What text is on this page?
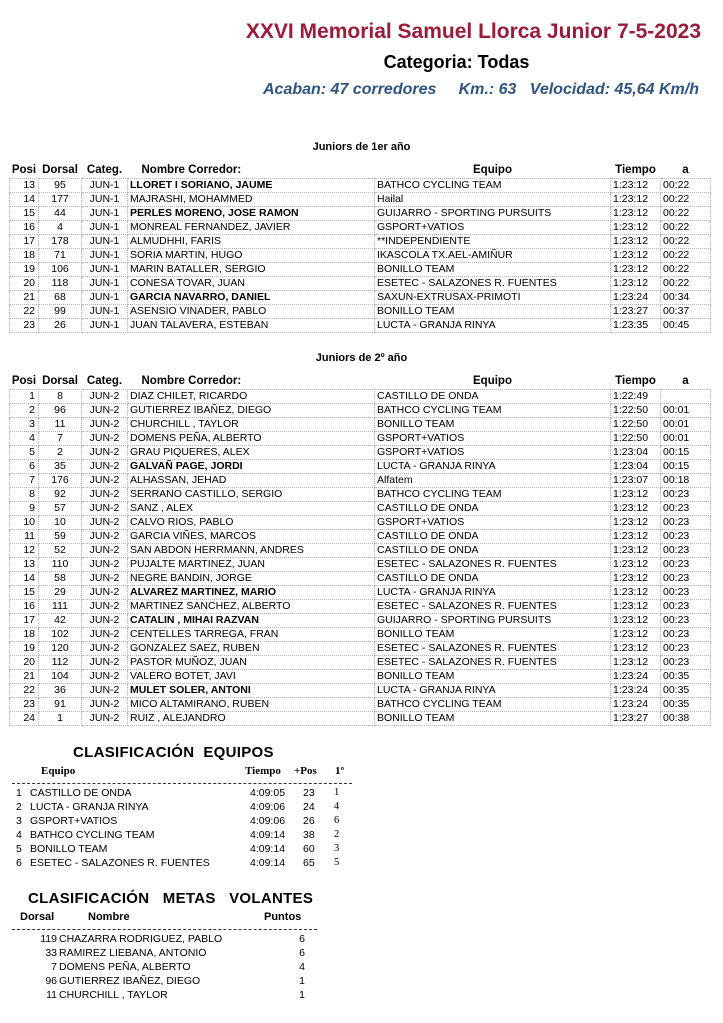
XXVI Memorial Samuel Llorca Junior 7-5-2023
Categoria: Todas
Acaban: 47 corredores     Km.: 63   Velocidad: 45,64 Km/h
Juniors de 1er año
Posi	Dorsal	Categ.	Nombre Corredor:	Equipo	Tiempo	a
13	95	JUN-1	LLORET I SORIANO, JAUME	BATHCO CYCLING TEAM	1:23:12	00:22
14	177	JUN-1	MAJRASHI, MOHAMMED	Hailal	1:23:12	00:22
15	44	JUN-1	PERLES MORENO, JOSE RAMON	GUIJARRO - SPORTING PURSUITS	1:23:12	00:22
16	4	JUN-1	MONREAL FERNANDEZ, JAVIER	GSPORT+VATIOS	1:23:12	00:22
17	178	JUN-1	ALMUDHHI, FARIS	**INDEPENDIENTE	1:23:12	00:22
18	71	JUN-1	SORIA MARTIN, HUGO	IKASCOLA TX.AEL-AMIÑUR	1:23:12	00:22
19	106	JUN-1	MARIN BATALLER, SERGIO	BONILLO TEAM	1:23:12	00:22
20	118	JUN-1	CONESA TOVAR, JUAN	ESETEC - SALAZONES R. FUENTES	1:23:12	00:22
21	68	JUN-1	GARCIA NAVARRO, DANIEL	SAXUN-EXTRUSAX-PRIMOTI	1:23:24	00:34
22	99	JUN-1	ASENSIO VINADER, PABLO	BONILLO TEAM	1:23:27	00:37
23	26	JUN-1	JUAN TALAVERA, ESTEBAN	LUCTA - GRANJA RINYA	1:23:35	00:45
Juniors de 2º año
Posi	Dorsal	Categ.	Nombre Corredor:	Equipo	Tiempo	a
1	8	JUN-2	DIAZ CHILET, RICARDO	CASTILLO DE ONDA	1:22:49	
2	96	JUN-2	GUTIERREZ IBAÑEZ, DIEGO	BATHCO CYCLING TEAM	1:22:50	00:01
3	11	JUN-2	CHURCHILL , TAYLOR	BONILLO TEAM	1:22:50	00:01
4	7	JUN-2	DOMENS PEÑA, ALBERTO	GSPORT+VATIOS	1:22:50	00:01
5	2	JUN-2	GRAU PIQUERES, ALEX	GSPORT+VATIOS	1:23:04	00:15
6	35	JUN-2	GALVAÑ PAGE, JORDI	LUCTA - GRANJA RINYA	1:23:04	00:15
7	176	JUN-2	ALHASSAN, JEHAD	Alfatem	1:23:07	00:18
8	92	JUN-2	SERRANO CASTILLO, SERGIO	BATHCO CYCLING TEAM	1:23:12	00:23
9	57	JUN-2	SANZ , ALEX	CASTILLO DE ONDA	1:23:12	00:23
10	10	JUN-2	CALVO RIOS, PABLO	GSPORT+VATIOS	1:23:12	00:23
11	59	JUN-2	GARCIA VIÑES, MARCOS	CASTILLO DE ONDA	1:23:12	00:23
12	52	JUN-2	SAN ABDON HERRMANN, ANDRES	CASTILLO DE ONDA	1:23:12	00:23
13	110	JUN-2	PUJALTE MARTINEZ, JUAN	ESETEC - SALAZONES R. FUENTES	1:23:12	00:23
14	58	JUN-2	NEGRE BANDIN, JORGE	CASTILLO DE ONDA	1:23:12	00:23
15	29	JUN-2	ALVAREZ MARTINEZ, MARIO	LUCTA - GRANJA RINYA	1:23:12	00:23
16	111	JUN-2	MARTINEZ SANCHEZ, ALBERTO	ESETEC - SALAZONES R. FUENTES	1:23:12	00:23
17	42	JUN-2	CATALIN , MIHAI RAZVAN	GUIJARRO - SPORTING PURSUITS	1:23:12	00:23
18	102	JUN-2	CENTELLES TARREGA, FRAN	BONILLO TEAM	1:23:12	00:23
19	120	JUN-2	GONZALEZ SAEZ, RUBEN	ESETEC - SALAZONES R. FUENTES	1:23:12	00:23
20	112	JUN-2	PASTOR MUÑOZ, JUAN	ESETEC - SALAZONES R. FUENTES	1:23:12	00:23
21	104	JUN-2	VALERO BOTET, JAVI	BONILLO TEAM	1:23:24	00:35
22	36	JUN-2	MULET SOLER, ANTONI	LUCTA - GRANJA RINYA	1:23:24	00:35
23	91	JUN-2	MICO ALTAMIRANO, RUBEN	BATHCO CYCLING TEAM	1:23:24	00:35
24	1	JUN-2	RUIZ , ALEJANDRO	BONILLO TEAM	1:23:27	00:38
CLASIFICACIÓN  EQUIPOS
Equipo	Tiempo +Pos 1º
1 CASTILLO DE ONDA	4:09:05 23 1
2 LUCTA - GRANJA RINYA	4:09:06 24 4
3 GSPORT+VATIOS	4:09:06 26 6
4 BATHCO CYCLING TEAM	4:09:14 38 2
5 BONILLO TEAM	4:09:14 60 3
6 ESETEC - SALAZONES R. FUENTES	4:09:14 65 5
CLASIFICACIÓN   METAS   VOLANTES
Dorsal	Nombre	Puntos
119 CHAZARRA RODRIGUEZ, PABLO	6
33 RAMIREZ LIEBANA, ANTONIO	6
7 DOMENS PEÑA, ALBERTO	4
96 GUTIERREZ IBAÑEZ, DIEGO	1
11 CHURCHILL , TAYLOR	1
